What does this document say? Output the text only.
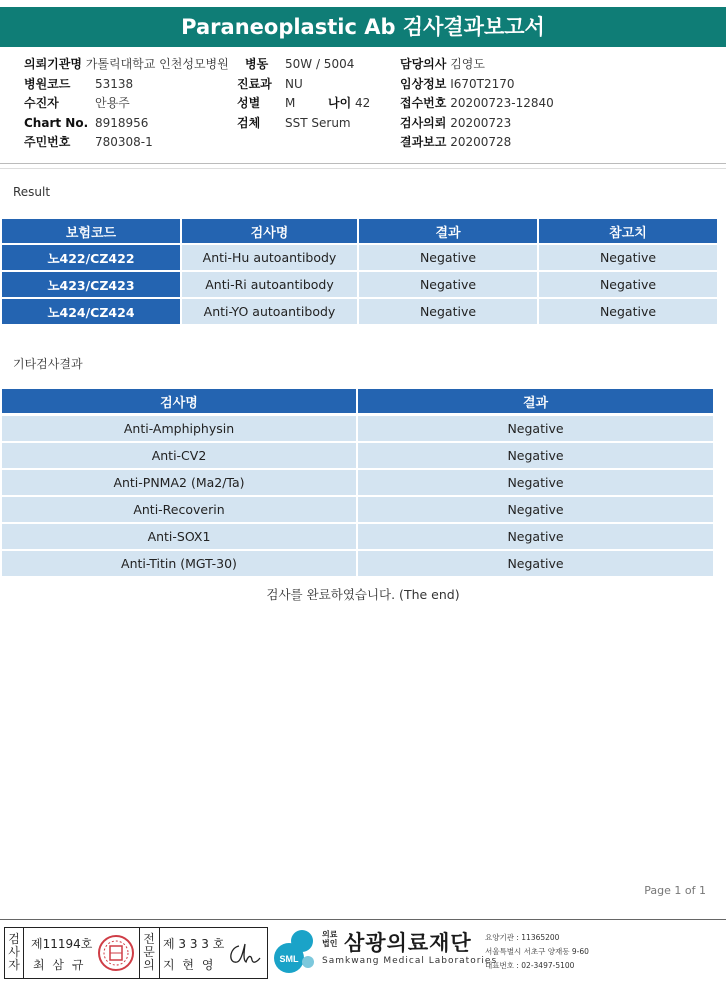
Paraneoplastic Ab 검사결과보고서
의뢰기관명 가톨릭대학교 인천성모병원 병동 50W / 5004	담당의사 김영도
병원코드 53138	진료과 NU	임상정보 I670T2170
수진자	안용주	성별 M	나이 42 접수번호 20200723-12840
Chart No. 8918956	검체 SST Serum	검사의뢰 20200723
주민번호 780308-1	결과보고 20200728
Result
보험코드	검사명	결과	참고치
노422/CZ422	Anti-Hu autoantibody	Negative	Negative
노423/CZ423	Anti-Ri autoantibody	Negative	Negative
노424/CZ424	Anti-YO autoantibody	Negative	Negative
기타검사결과
검사명	결과
Anti-Amphiphysin	Negative
Anti-CV2	Negative
Anti-PNMA2 (Ma2/Ta)	Negative
Anti-Recoverin	Negative
Anti-SOX1	Negative
Anti-Titin (MGT-30)	Negative
검사를 완료하였습니다. (The end)
Page 1 of 1
검사자
제11194호
최 삼 규
전문의
제 3 3 3 호
지 현 영	SML
의료 법인 삼광의료재단
Samkwang Medical Laboratories
요양기관 : 11365200
서울특별시 서초구 양재동 9-60
대표번호 : 02-3497-5100
